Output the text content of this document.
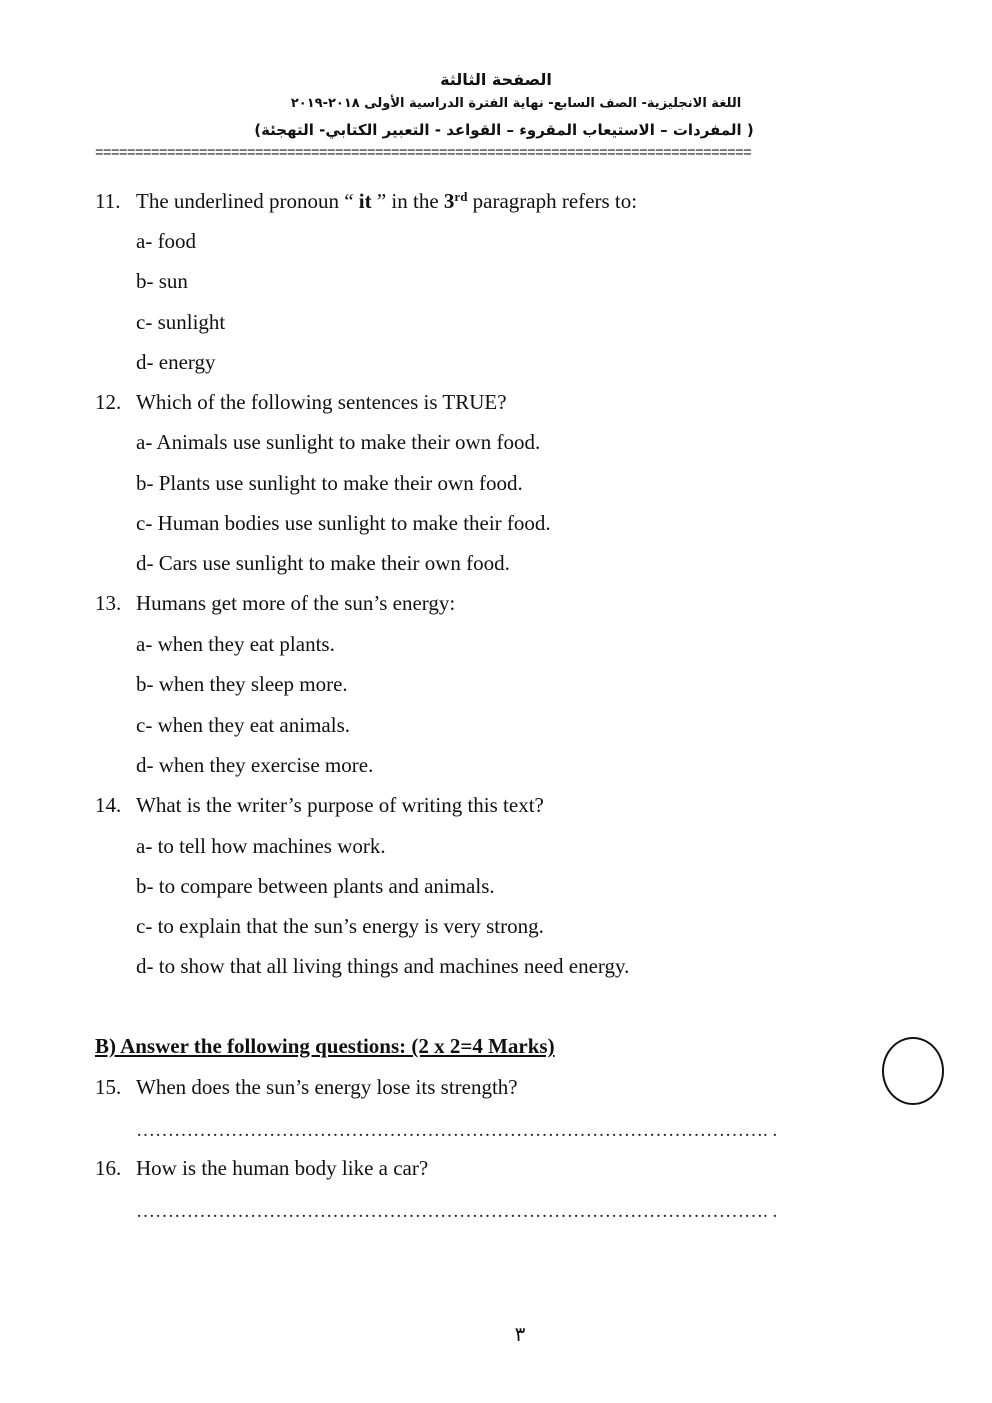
الصفحة الثالثة
اللغة الانجليزية- الصف السابع- نهاية الفترة الدراسية الأولى ٢٠١٨-٢٠١٩
( المفردات – الاستيعاب المقروء – القواعد - التعبير الكتابي- التهجئة)
==================================================================================
11. The underlined pronoun “ it ” in the 3rd paragraph refers to:
a- food
b- sun
c- sunlight
d- energy
12. Which of the following sentences is TRUE?
a- Animals use sunlight to make their own food.
b- Plants use sunlight to make their own food.
c- Human bodies use sunlight to make their food.
d- Cars use sunlight to make their own food.
13. Humans get more of the sun’s energy:
a- when they eat plants.
b- when they sleep more.
c- when they eat animals.
d- when they exercise more.
14. What is the writer’s purpose of writing this text?
a- to tell how machines work.
b- to compare between plants and animals.
c- to explain that the sun’s energy is very strong.
d- to show that all living things and machines need energy.
B) Answer the following questions: (2 x 2=4 Marks)
15. When does the sun’s energy lose its strength?
………………………………………………………………………………………. .
16. How is the human body like a car?
………………………………………………………………………………………. .
٣
